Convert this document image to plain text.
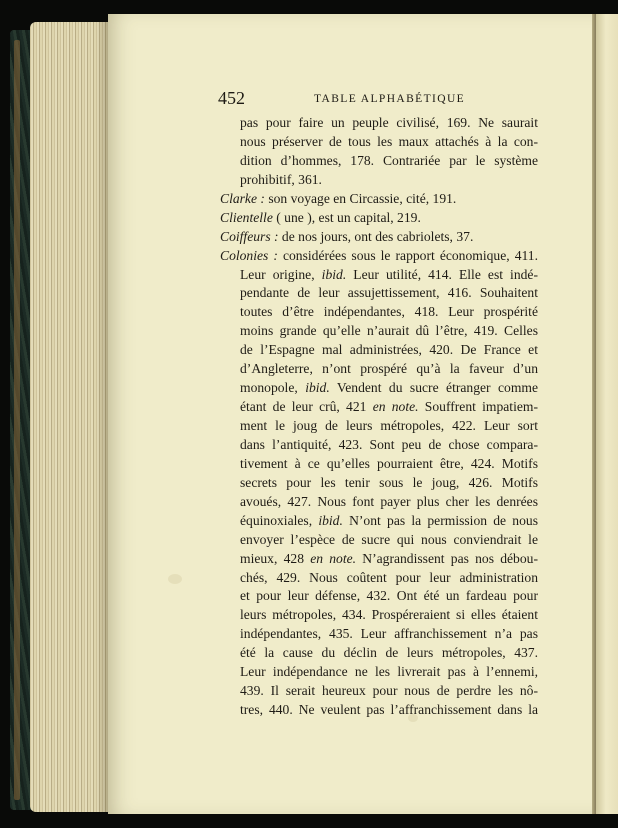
452	TABLE ALPHABÉTIQUE
pas pour faire un peuple civilisé, 169. Ne saurait
nous préserver de tous les maux attachés à la con-
dition d’hommes, 178. Contrariée par le système
prohibitif, 361.
Clarke : son voyage en Circassie, cité, 191.
Clientelle ( une ), est un capital, 219.
Coiffeurs : de nos jours, ont des cabriolets, 37.
Colonies : considérées sous le rapport économique, 411.
Leur origine, ibid. Leur utilité, 414. Elle est indé-
pendante de leur assujettissement, 416. Souhaitent
toutes d’être indépendantes, 418. Leur prospérité
moins grande qu’elle n’aurait dû l’être, 419. Celles
de l’Espagne mal administrées, 420. De France et
d’Angleterre, n’ont prospéré qu’à la faveur d’un
monopole, ibid. Vendent du sucre étranger comme
étant de leur crû, 421 en note. Souffrent impatiem-
ment le joug de leurs métropoles, 422. Leur sort
dans l’antiquité, 423. Sont peu de chose compara-
tivement à ce qu’elles pourraient être, 424. Motifs
secrets pour les tenir sous le joug, 426. Motifs
avoués, 427. Nous font payer plus cher les denrées
équinoxiales, ibid. N’ont pas la permission de nous
envoyer l’espèce de sucre qui nous conviendrait le
mieux, 428 en note. N’agrandissent pas nos débou-
chés, 429. Nous coûtent pour leur administration
et pour leur défense, 432. Ont été un fardeau pour
leurs métropoles, 434. Prospéreraient si elles étaient
indépendantes, 435. Leur affranchissement n’a pas
été la cause du déclin de leurs métropoles, 437.
Leur indépendance ne les livrerait pas à l’ennemi,
439. Il serait heureux pour nous de perdre les nô-
tres, 440. Ne veulent pas l’affranchissement dans la
